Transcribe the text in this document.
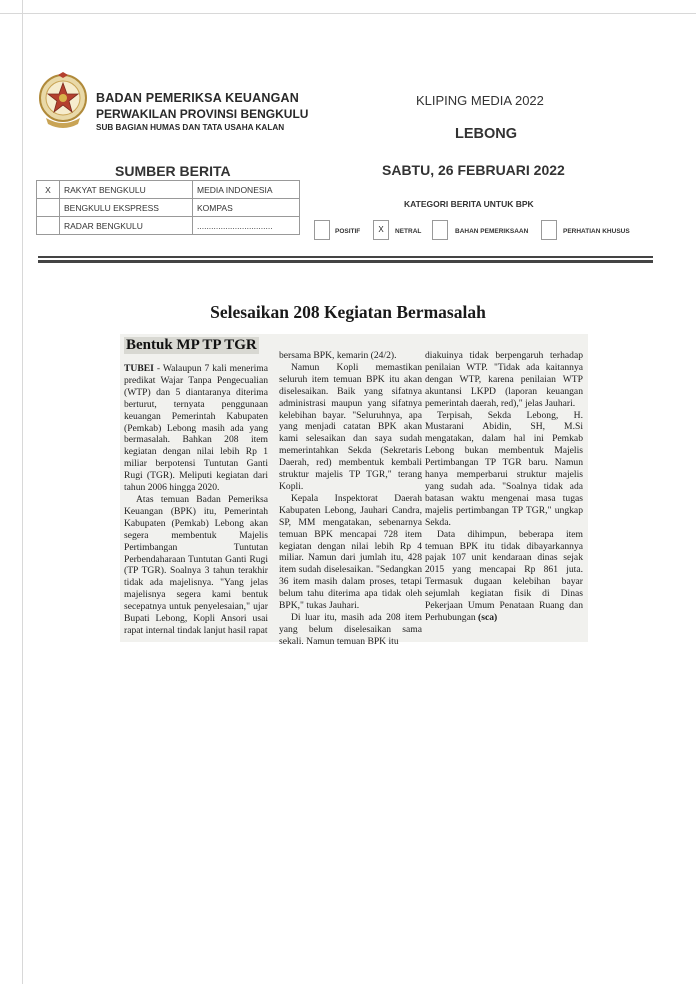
BADAN PEMERIKSA KEUANGAN
PERWAKILAN PROVINSI BENGKULU
SUB BAGIAN HUMAS DAN TATA USAHA KALAN
KLIPING MEDIA 2022
LEBONG
SUMBER BERITA	SABTU, 26 FEBRUARI 2022
X	RAKYAT BENGKULU	MEDIA INDONESIA
	BENGKULU EKSPRESS	KOMPAS
	RADAR BENGKULU	................................
KATEGORI BERITA UNTUK BPK
POSITIF	X	NETRAL	BAHAN PEMERIKSAAN	PERHATIAN KHUSUS
Selesaikan 208 Kegiatan Bermasalah
Bentuk MP TP TGR

TUBEI - Walaupun 7 kali menerima predikat Wajar Tanpa Pengecualian (WTP) dan 5 diantaranya diterima berturut, ternyata penggunaan keuangan Pemerintah Kabupaten (Pemkab) Lebong masih ada yang bermasalah. Bahkan 208 item kegiatan dengan nilai lebih Rp 1 miliar berpotensi Tuntutan Ganti Rugi (TGR). Meliputi kegiatan dari tahun 2006 hingga 2020.

Atas temuan Badan Pemeriksa Keuangan (BPK) itu, Pemerintah Kabupaten (Pemkab) Lebong akan segera membentuk Majelis Pertimbangan Tuntutan Perbendaharaan Tuntutan Ganti Rugi (TP TGR). Soalnya 3 tahun terakhir tidak ada majelisnya. "Yang jelas majelisnya segera kami bentuk secepatnya untuk penyelesaian," ujar Bupati Lebong, Kopli Ansori usai rapat internal tindak lanjut hasil rapat

bersama BPK, kemarin (24/2).

Namun Kopli memastikan seluruh item temuan BPK itu akan diselesaikan. Baik yang sifatnya administrasi maupun yang sifatnya kelebihan bayar. "Seluruhnya, apa yang menjadi catatan BPK akan kami selesaikan dan saya sudah memerintahkan Sekda (Sekretaris Daerah, red) membentuk kembali struktur majelis TP TGR," terang Kopli.

Kepala Inspektorat Daerah Kabupaten Lebong, Jauhari Candra, SP, MM mengatakan, sebenarnya temuan BPK mencapai 728 item kegiatan dengan nilai lebih Rp 4 miliar. Namun dari jumlah itu, 428 item sudah diselesaikan. "Sedangkan 36 item masih dalam proses, tetapi belum tahu diterima apa tidak oleh BPK," tukas Jauhari.

Di luar itu, masih ada 208 item yang belum diselesaikan sama sekali. Namun temuan BPK itu

diakuinya tidak berpengaruh terhadap penilaian WTP. "Tidak ada kaitannya dengan WTP, karena penilaian WTP akuntansi LKPD (laporan keuangan pemerintah daerah, red)," jelas Jauhari.

Terpisah, Sekda Lebong, H. Mustarani Abidin, SH, M.Si mengatakan, dalam hal ini Pemkab Lebong bukan membentuk Majelis Pertimbangan TP TGR baru. Namun hanya memperbarui struktur majelis yang sudah ada. "Soalnya tidak ada batasan waktu mengenai masa tugas majelis pertimbangan TP TGR," ungkap Sekda.

Data dihimpun, beberapa item temuan BPK itu tidak dibayarkannya pajak 107 unit kendaraan dinas sejak 2015 yang mencapai Rp 861 juta. Termasuk dugaan kelebihan bayar sejumlah kegiatan fisik di Dinas Pekerjaan Umum Penataan Ruang dan Perhubungan (sca)
